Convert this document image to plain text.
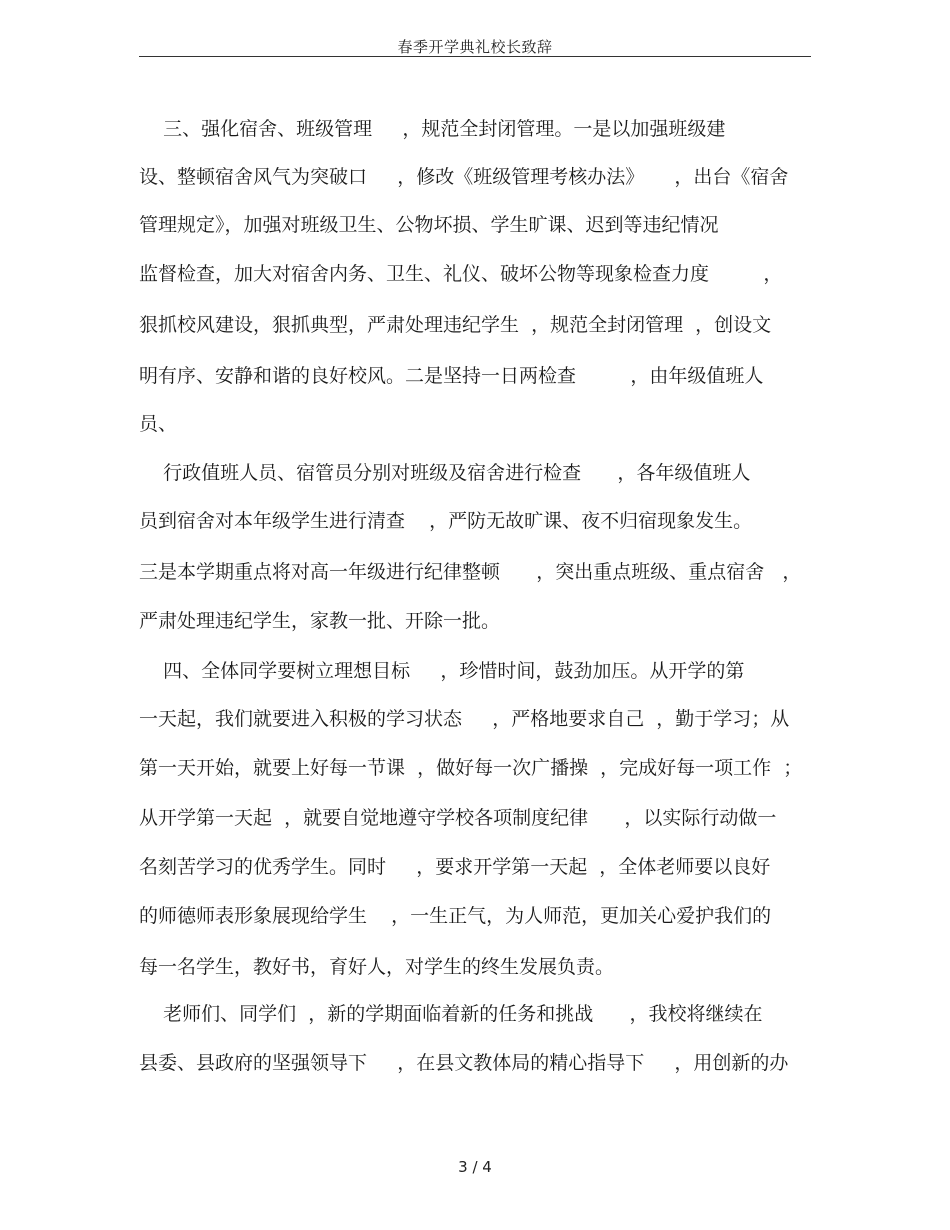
春季开学典礼校长致辞
三、强化宿舍、班级管理     ，规范全封闭管理。一是以加强班级建
设、整顿宿舍风气为突破口     ，修改《班级管理考核办法》     ，出台《宿舍
管理规定》，加强对班级卫生、公物坏损、学生旷课、迟到等违纪情况
监督检查，加大对宿舍内务、卫生、礼仪、破坏公物等现象检查力度         ，
狠抓校风建设，狠抓典型，严肃处理违纪学生  ，规范全封闭管理  ，创设文
明有序、安静和谐的良好校风。二是坚持一日两检查         ，由年级值班人
员、
行政值班人员、宿管员分别对班级及宿舍进行检查      ，各年级值班人
员到宿舍对本年级学生进行清查    ，严防无故旷课、夜不归宿现象发生。
三是本学期重点将对高一年级进行纪律整顿      ，突出重点班级、重点宿舍   ，
严肃处理违纪学生，家教一批、开除一批。
四、全体同学要树立理想目标     ，珍惜时间，鼓劲加压。从开学的第
一天起，我们就要进入积极的学习状态     ，严格地要求自己  ，勤于学习；从
第一天开始，就要上好每一节课  ，做好每一次广播操  ，完成好每一项工作  ；
从开学第一天起  ，就要自觉地遵守学校各项制度纪律      ，以实际行动做一
名刻苦学习的优秀学生。同时     ，要求开学第一天起  ，全体老师要以良好
的师德师表形象展现给学生    ，一生正气，为人师范，更加关心爱护我们的
每一名学生，教好书，育好人，对学生的终生发展负责。
老师们、同学们  ，新的学期面临着新的任务和挑战      ，我校将继续在
县委、县政府的坚强领导下     ，在县文教体局的精心指导下     ，用创新的办
3 / 4
